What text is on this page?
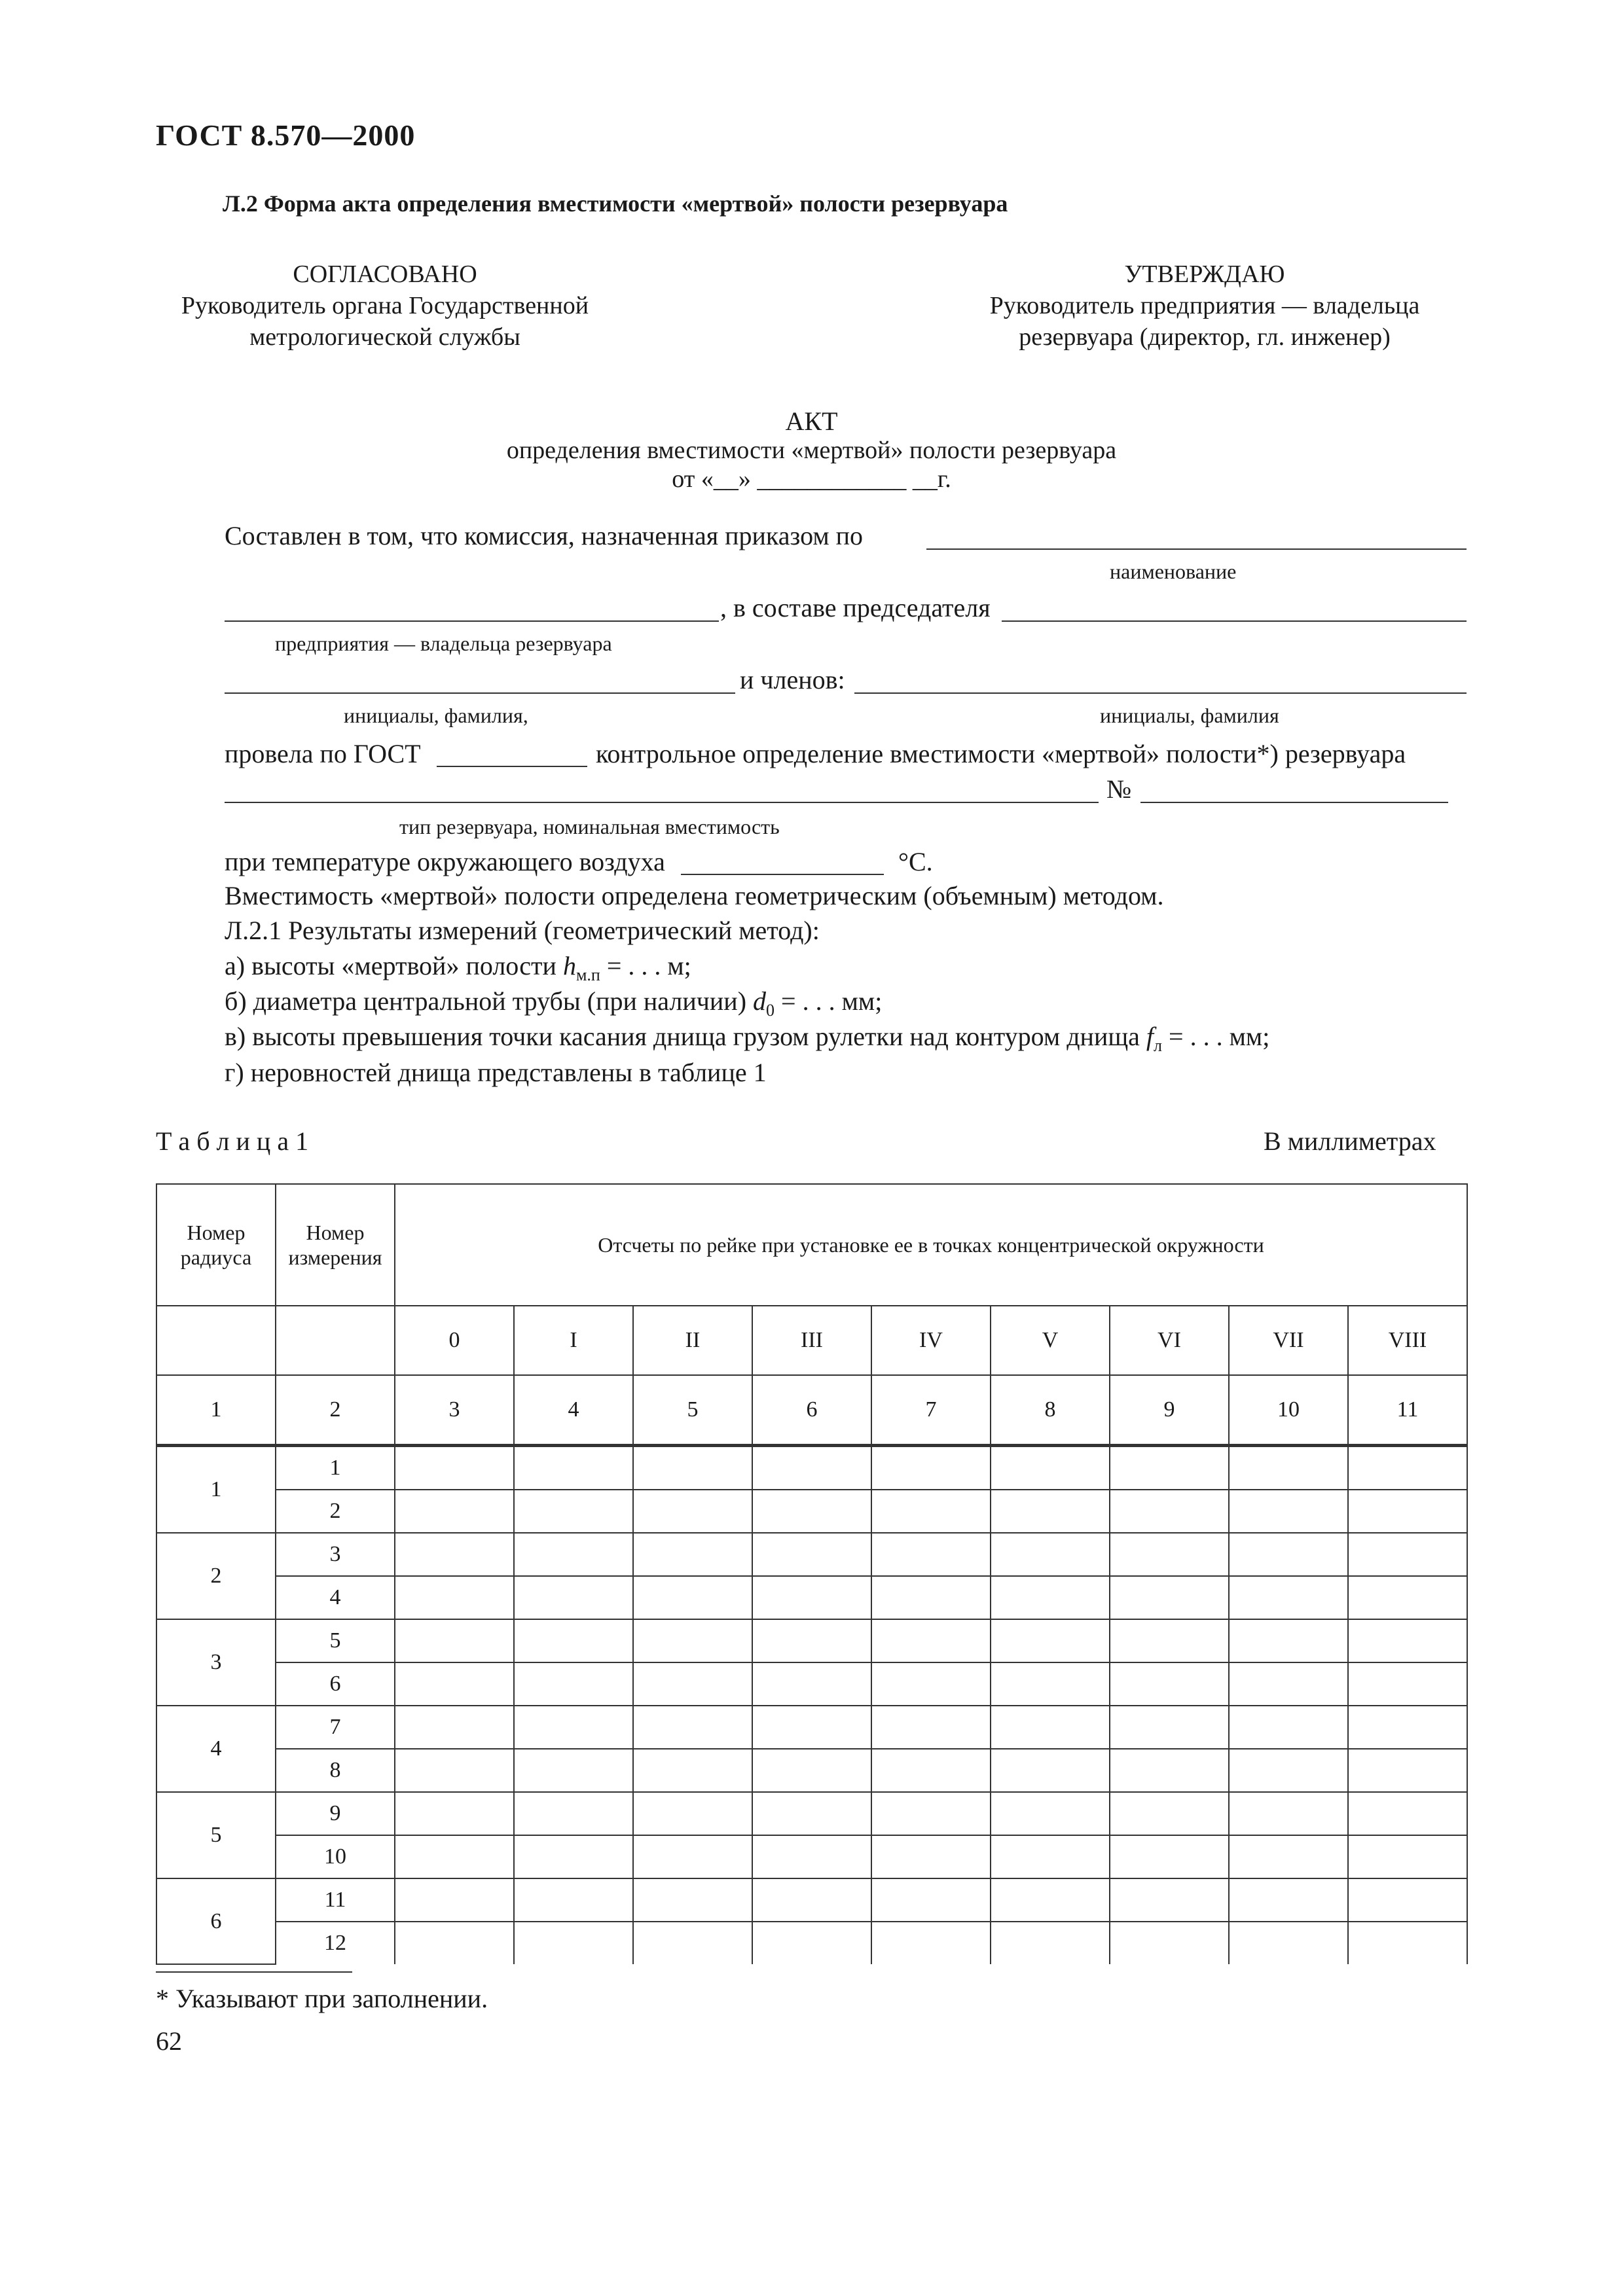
ГОСТ 8.570—2000
Л.2 Форма акта определения вместимости «мертвой» полости резервуара
СОГЛАСОВАНО
Руководитель органа Государственной
метрологической службы
УТВЕРЖДАЮ
Руководитель предприятия — владельца
резервуара (директор, гл. инженер)
АКТ
определения вместимости «мертвой» полости резервуара
от «__» ____________ __г.
Составлен в том, что комиссия, назначенная приказом по
наименование
, в составе председателя
предприятия — владельца резервуара
и членов:
инициалы, фамилия,	инициалы, фамилия
провела по ГОСТ	контрольное определение вместимости «мертвой» полости*) резервуара
№
тип резервуара, номинальная вместимость
при температуре окружающего воздуха	°С.
Вместимость «мертвой» полости определена геометрическим (объемным) методом.
Л.2.1 Результаты измерений (геометрический метод):
а) высоты «мертвой» полости $h_{м.п}$ = . . . м;
б) диаметра центральной трубы (при наличии) $d_0$ = . . . мм;
в) высоты превышения точки касания днища грузом рулетки над контуром днища $f_л$ = . . . мм;
г) неровностей днища представлены в таблице 1
Т а б л и ц а 1	В миллиметрах
Номер радиуса	Номер измерения	Отсчеты по рейке при установке ее в точках концентрической окружности								
		0	I	II	III	IV	V	VI	VII	VIII
1	2	3	4	5	6	7	8	9	10	11
1	1									
	2									
2	3									
	4									
3	5									
	6									
4	7									
	8									
5	9									
	10									
6	11									
	12									
* Указывают при заполнении.
62
